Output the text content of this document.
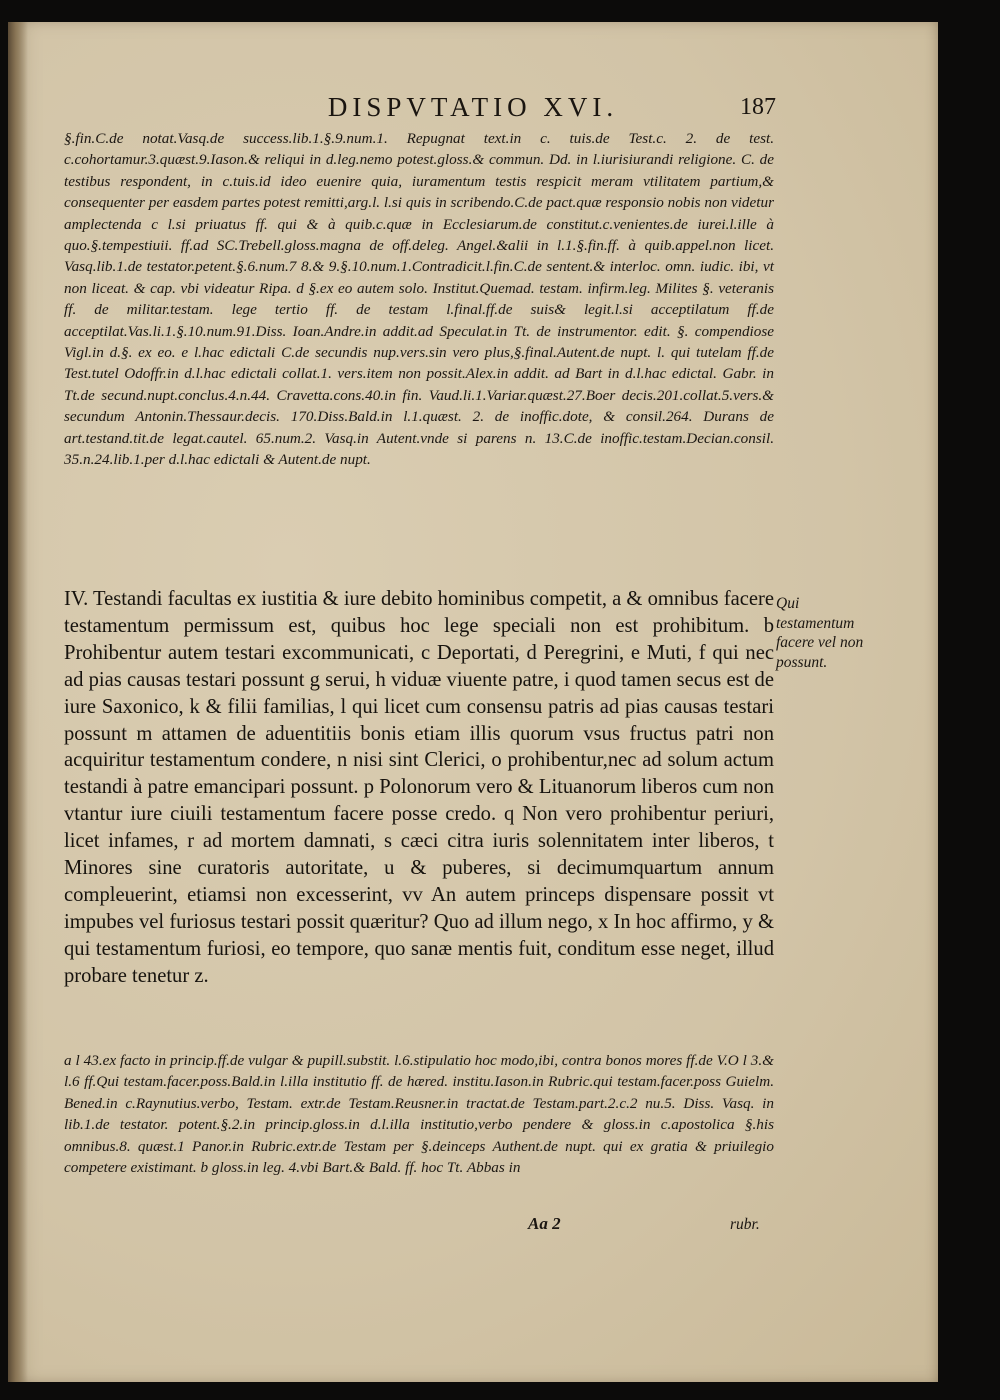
DISPVTATIO XVI.	187

§.fin.C.de notat.Vasq.de success.lib.1.§.9.num.1. Repugnat text.in c. tuis.de Test.c. 2. de test. c.cohortamur.3.quæst.9.Iason.& reliqui in d.leg.nemo potest.gloss.& commun. Dd. in l.iurisiurandi religione. C. de testibus respondent, in c.tuis.id ideo euenire quia, iuramentum testis respicit meram vtilitatem partium,& consequenter per easdem partes potest remitti,arg.l. l.si quis in scribendo.C.de pact.quæ responsio nobis non videtur amplectenda c l.si priuatus ff. qui & à quib.c.quæ in Ecclesiarum.de constitut.c.venientes.de iurei.l.ille à quo.§.tempestiuii. ff.ad SC.Trebell.gloss.magna de off.deleg. Angel.&alii in l.1.§.fin.ff. à quib.appel.non licet. Vasq.lib.1.de testator.petent.§.6.num.7 8.& 9.§.10.num.1.Contradicit.l.fin.C.de sentent.& interloc. omn. iudic. ibi, vt non liceat. & cap. vbi videatur Ripa. d §.ex eo autem solo. Institut.Quemad. testam. infirm.leg. Milites §. veteranis ff. de militar.testam. lege tertio ff. de testam l.final.ff.de suis& legit.l.si acceptilatum ff.de acceptilat.Vas.li.1.§.10.num.91.Diss. Ioan.Andre.in addit.ad Speculat.in Tt. de instrumentor. edit. §. compendiose Vigl.in d.§. ex eo. e l.hac edictali C.de secundis nup.vers.sin vero plus,§.final.Autent.de nupt. l. qui tutelam ff.de Test.tutel Odoffr.in d.l.hac edictali collat.1. vers.item non possit.Alex.in addit. ad Bart in d.l.hac edictal. Gabr. in Tt.de secund.nupt.conclus.4.n.44. Cravetta.cons.40.in fin. Vaud.li.1.Variar.quæst.27.Boer decis.201.collat.5.vers.& secundum Antonin.Thessaur.decis. 170.Diss.Bald.in l.1.quæst. 2. de inoffic.dote, & consil.264. Durans de art.testand.tit.de legat.cautel. 65.num.2. Vasq.in Autent.vnde si parens n. 13.C.de inoffic.testam.Decian.consil. 35.n.24.lib.1.per d.l.hac edictali & Autent.de nupt.

IV. Testandi facultas ex iustitia & iure debito hominibus competit, a & omnibus facere testamentum permissum est, quibus hoc lege speciali non est prohibitum. b Prohibentur autem testari excommunicati, c Deportati, d Peregrini, e Muti, f qui nec ad pias causas testari possunt g serui, h viduæ viuente patre, i quod tamen secus est de iure Saxonico, k & filii familias, l qui licet cum consensu patris ad pias causas testari possunt m attamen de aduentitiis bonis etiam illis quorum vsus fructus patri non acquiritur testamentum condere, n nisi sint Clerici, o prohibentur,nec ad solum actum testandi à patre emancipari possunt. p Polonorum vero & Lituanorum liberos cum non vtantur iure ciuili testamentum facere posse credo. q Non vero prohibentur periuri, licet infames, r ad mortem damnati, s cæci citra iuris solennitatem inter liberos, t Minores sine curatoris autoritate, u & puberes, si decimumquartum annum compleuerint, etiamsi non excesserint, vv An autem princeps dispensare possit vt impubes vel furiosus testari possit quæritur? Quo ad illum nego, x In hoc affirmo, y & qui testamentum furiosi, eo tempore, quo sanæ mentis fuit, conditum esse neget, illud probare tenetur z.

Qui testamentum facere vel non possunt.

a l 43.ex facto in princip.ff.de vulgar & pupill.substit. l.6.stipulatio hoc modo,ibi, contra bonos mores ff.de V.O l 3.& l.6 ff.Qui testam.facer.poss.Bald.in l.illa institutio ff. de hæred. institu.Iason.in Rubric.qui testam.facer.poss Guielm. Bened.in c.Raynutius.verbo, Testam. extr.de Testam.Reusner.in tractat.de Testam.part.2.c.2 nu.5. Diss. Vasq. in lib.1.de testator. potent.§.2.in princip.gloss.in d.l.illa institutio,verbo pendere & gloss.in c.apostolica §.his omnibus.8. quæst.1 Panor.in Rubric.extr.de Testam per §.deinceps Authent.de nupt. qui ex gratia & priuilegio competere existimant. b gloss.in leg. 4.vbi Bart.& Bald. ff. hoc Tt. Abbas in

Aa 2	rubr.
